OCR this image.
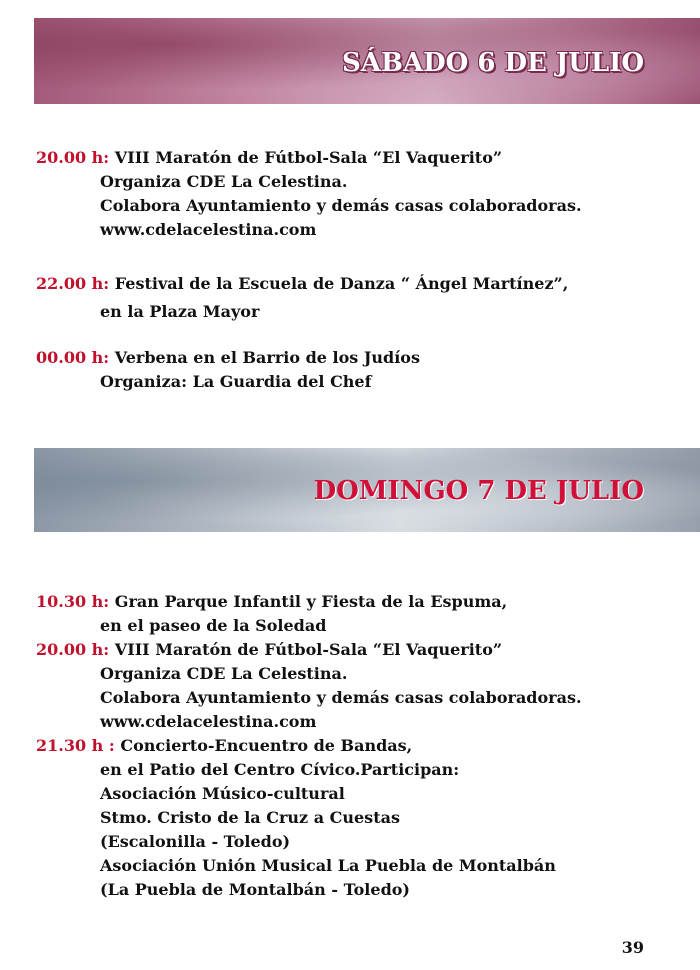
SÁBADO 6 DE JULIO
20.00 h: VIII Maratón de Fútbol-Sala “El Vaquerito”
Organiza CDE La Celestina.
Colabora Ayuntamiento y demás casas colaboradoras.
www.cdelacelestina.com
22.00 h: Festival de la Escuela de Danza “ Ángel Martínez”,
en la Plaza Mayor
00.00 h: Verbena en el Barrio de los Judíos
Organiza: La Guardia del Chef
DOMINGO 7 DE JULIO
10.30 h: Gran Parque Infantil y Fiesta de la Espuma,
en el paseo de la Soledad
20.00 h: VIII Maratón de Fútbol-Sala “El Vaquerito”
Organiza CDE La Celestina.
Colabora Ayuntamiento y demás casas colaboradoras.
www.cdelacelestina.com
21.30 h : Concierto-Encuentro de Bandas,
en el Patio del Centro Cívico.Participan:
Asociación Músico-cultural
Stmo. Cristo de la Cruz a Cuestas
(Escalonilla - Toledo)
Asociación Unión Musical La Puebla de Montalbán
(La Puebla de Montalbán - Toledo)
39
